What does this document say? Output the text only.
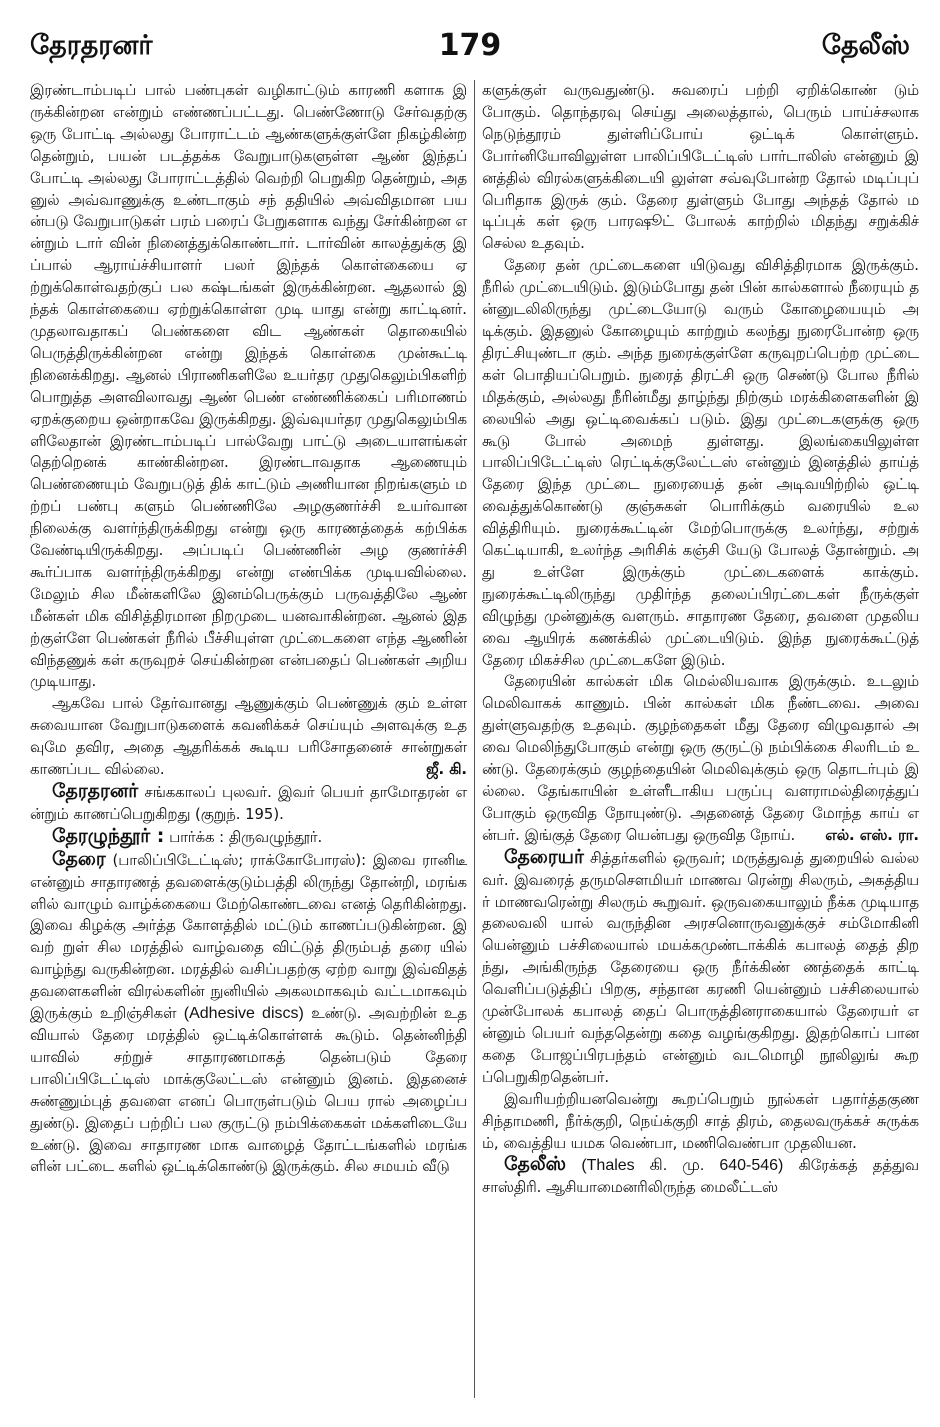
தேரதரனர்	179	தேலீஸ்

இரண்டாம்படிப் பால் பண்புகள் வழிகாட்டும் காரணி களாக இருக்கின்றன என்றும் எண்ணப்பட்டது. பெண்ணோடு சேர்வதற்கு ஒரு போட்டி அல்லது போராட்டம் ஆண்களுக்குள்ளே நிகழ்கின்றதென்றும், பயன் படத்தக்க வேறுபாடுகளுள்ள ஆண் இந்தப் போட்டி அல்லது போராட்டத்தில் வெற்றி பெறுகிற தென்றும், அதனுல் அவ்வாணுக்கு உண்டாகும் சந் ததியில் அவ்விதமான பயன்படு வேறுபாடுகள் பரம் பரைப் பேறுகளாக வந்து சேர்கின்றன என்றும் டார் வின் நினைத்துக்கொண்டார். டார்வின் காலத்துக்கு இப்பால் ஆராய்ச்சியாளர் பலர் இந்தக் கொள்கையை ஏற்றுக்கொள்வதற்குப் பல கஷ்டங்கள் இருக்கின்றன. ஆதலால் இந்தக் கொள்கையை ஏற்றுக்கொள்ள முடி யாது என்று காட்டினர். முதலாவதாகப் பெண்களை விட ஆண்கள் தொகையில் பெருத்திருக்கின்றன என்று இந்தக் கொள்கை முன்கூட்டி நினைக்கிறது. ஆனல் பிராணிகளிலே உயர்தர முதுகெலும்பிகளிற் பொறுத்த அளவிலாவது ஆண் பெண் எண்ணிக்கைப் பரிமாணம் ஏறக்குறைய ஒன்றாகவே இருக்கிறது. இவ்வுயர்தர முதுகெலும்பிகளிலேதான் இரண்டாம்படிப் பால்வேறு பாட்டு அடையாளங்கள் தெற்றெனக் காண்கின்றன. இரண்டாவதாக ஆணையும் பெண்ணையும் வேறுபடுத் திக் காட்டும் அணியான நிறங்களும் மற்றப் பண்பு களும் பெண்ணிலே அழகுணர்ச்சி உயர்வான நிலைக்கு வளர்ந்திருக்கிறது என்று ஒரு காரணத்தைக் கற்பிக்க வேண்டியிருக்கிறது. அப்படிப் பெண்ணின் அழ குணர்ச்சி கூர்ப்பாக வளர்ந்திருக்கிறது என்று எண்பிக்க முடியவில்லை. மேலும் சில மீன்களிலே இனம்பெருக்கும் பருவத்திலே ஆண் மீன்கள் மிக விசித்திரமான நிறமுடை யனவாகின்றன. ஆனல் இதற்குள்ளே பெண்கள் நீரில் பீச்சியுள்ள முட்டைகளை எந்த ஆணின் விந்தணுக் கள் கருவுறச் செய்கின்றன என்பதைப் பெண்கள் அறிய முடியாது.

ஆகவே பால் தேர்வானது ஆணுக்கும் பெண்ணுக் கும் உள்ள சுவையான வேறுபாடுகளைக் கவனிக்கச் செய்யும் அளவுக்கு உதவுமே தவிர, அதை ஆதரிக்கக் கூடிய பரிசோதனைச் சான்றுகள் காணப்பட வில்லை.	ஜீ. கி.

தேரதரனர் சங்ககாலப் புலவர். இவர் பெயர் தாமோதரன் என்றும் காணப்பெறுகிறது (குறுந். 195).

தேரழுந்தூர் : பார்க்க : திருவழுந்தூர்.

தேரை (பாலிப்பிடேட்டிஸ்; ராக்கோபோரஸ்): இவை ரானிடீ என்னும் சாதாரணத் தவளைக்குடும்பத்தி லிருந்து தோன்றி, மரங்களில் வாழும் வாழ்க்கையை மேற்கொண்டவை எனத் தெரிகின்றது. இவை கிழக்கு அர்த்த கோளத்தில் மட்டும் காணப்படுகின்றன. இவற் றுள் சில மரத்தில் வாழ்வதை விட்டுத் திரும்பத் தரை யில் வாழ்ந்து வருகின்றன. மரத்தில் வசிப்பதற்கு ஏற்ற வாறு இவ்விதத் தவளைகளின் விரல்களின் நுனியில் அகலமாகவும் வட்டமாகவும் இருக்கும் உறிஞ்சிகள் (Adhesive discs) உண்டு. அவற்றின் உதவியால் தேரை மரத்தில் ஒட்டிக்கொள்ளக் கூடும். தென்னிந்தி யாவில் சற்றுச் சாதாரணமாகத் தென்படும் தேரை பாலிப்பிடேட்டிஸ் மாக்குலேட்டஸ் என்னும் இனம். இதனைச் சுண்ணும்புத் தவளை எனப் பொருள்படும் பெய ரால் அழைப்பதுண்டு. இதைப் பற்றிப் பல குருட்டு நம்பிக்கைகள் மக்களிடையே உண்டு. இவை சாதாரண மாக வாழைத் தோட்டங்களில் மரங்களின் பட்டை களில் ஒட்டிக்கொண்டு இருக்கும். சில சமயம் வீடு

களுக்குள் வருவதுண்டு. சுவரைப் பற்றி ஏறிக்கொண் டும் போகும். தொந்தரவு செய்து அலைத்தால், பெரும் பாய்ச்சலாக நெடுந்தூரம் துள்ளிப்போய் ஒட்டிக் கொள்ளும். போர்னியோவிலுள்ள பாலிப்பிடேட்டிஸ் பார்டாலிஸ் என்னும் இனத்தில் விரல்களுக்கிடையி லுள்ள சவ்வுபோன்ற தோல் மடிப்புப் பெரிதாக இருக் கும். தேரை துள்ளும் போது அந்தத் தோல் மடிப்புக் கள் ஒரு பாரஷூட் போலக் காற்றில் மிதந்து சறுக்கிச் செல்ல உதவும்.

தேரை தன் முட்டைகளை யிடுவது விசித்திரமாக இருக்கும். நீரில் முட்டையிடும். இடும்போது தன் பின் கால்களால் நீரையும் தன்னுடலிலிருந்து முட்டையோடு வரும் கோழையையும் அடிக்கும். இதனுல் கோழையும் காற்றும் கலந்து நுரைபோன்ற ஒரு திரட்சியுண்டா கும். அந்த நுரைக்குள்ளே கருவுறப்பெற்ற முட்டை கள் பொதியப்பெறும். நுரைத் திரட்சி ஒரு செண்டு போல நீரில் மிதக்கும், அல்லது நீரின்மீது தாழ்ந்து நிற்கும் மரக்கிளைகளின் இலையில் அது ஒட்டிவைக்கப் படும். இது முட்டைகளுக்கு ஒரு கூடு போல் அமைந் துள்ளது. இலங்கையிலுள்ள பாலிப்பிடேட்டிஸ் ரெட்டிக்குலேட்டஸ் என்னும் இனத்தில் தாய்த் தேரை இந்த முட்டை நுரையைத் தன் அடிவயிற்றில் ஒட்டி வைத்துக்கொண்டு குஞ்சுகள் பொரிக்கும் வரையில் உலவித்திரியும். நுரைக்கூட்டின் மேற்பொருக்கு உலர்ந்து, சற்றுக் கெட்டியாகி, உலர்ந்த அரிசிக் கஞ்சி யேடு போலத் தோன்றும். அது உள்ளே இருக்கும் முட்டைகளைக் காக்கும். நுரைக்கூட்டிலிருந்து முதிர்ந்த தலைப்பிரட்டைகள் நீருக்குள் விழுந்து முன்னுக்கு வளரும். சாதாரண தேரை, தவளை முதலியவை ஆயிரக் கணக்கில் முட்டையிடும். இந்த நுரைக்கூட்டுத் தேரை மிகச்சில முட்டைகளே இடும்.

தேரையின் கால்கள் மிக மெல்லியவாக இருக்கும். உடலும் மெலிவாகக் காணும். பின் கால்கள் மிக நீண்டவை. அவை துள்ளுவதற்கு உதவும். குழந்தைகள் மீது தேரை விழுவதால் அவை மெலிந்துபோகும் என்று ஒரு குருட்டு நம்பிக்கை சிலரிடம் உண்டு. தேரைக்கும் குழந்தையின் மெலிவுக்கும் ஒரு தொடர்பும் இல்லை. தேங்காயின் உள்ளீடாகிய பருப்பு வளராமல்திரைத்துப் போகும் ஒருவித நோயுண்டு. அதனைத் தேரை மோந்த காய் என்பர். இங்குத் தேரை யென்பது ஒருவித நோய். எல். எஸ். ரா.

தேரையர் சித்தர்களில் ஒருவர்; மருத்துவத் துறையில் வல்லவர். இவரைத் தருமசௌமியர் மாணவ ரென்று சிலரும், அகத்தியர் மாணவரென்று சிலரும் கூறுவர். ஒருவகையாலும் நீக்க முடியாத தலைவலி யால் வருந்தின அரசனொருவனுக்குச் சம்மோகினி யென்னும் பச்சிலையால் மயக்கமுண்டாக்கிக் கபாலத் தைத் திறந்து, அங்கிருந்த தேரையை ஒரு நீர்க்கிண் ணத்தைக் காட்டி வெளிப்படுத்திப் பிறகு, சந்தான கரணி யென்னும் பச்சிலையால் முன்போலக் கபாலத் தைப் பொருத்தினராகையால் தேரையர் என்னும் பெயர் வந்ததென்று கதை வழங்குகிறது. இதற்கொப் பான கதை போஜப்பிரபந்தம் என்னும் வடமொழி நூலிலுங் கூறப்பெறுகிறதென்பர்.

இவரியற்றியனவென்று கூறப்பெறும் நூல்கள் பதார்த்தகுண சிந்தாமணி, நீர்க்குறி, நெய்க்குறி சாத் திரம், தைலவருக்கச் சுருக்கம், வைத்திய யமக வெண்பா, மணிவெண்பா முதலியன.

தேலீஸ் (Thales கி. மு. 640-546) கிரேக்கத் தத்துவ சாஸ்திரி. ஆசியாமைனரிலிருந்த மைலீட்டஸ்
